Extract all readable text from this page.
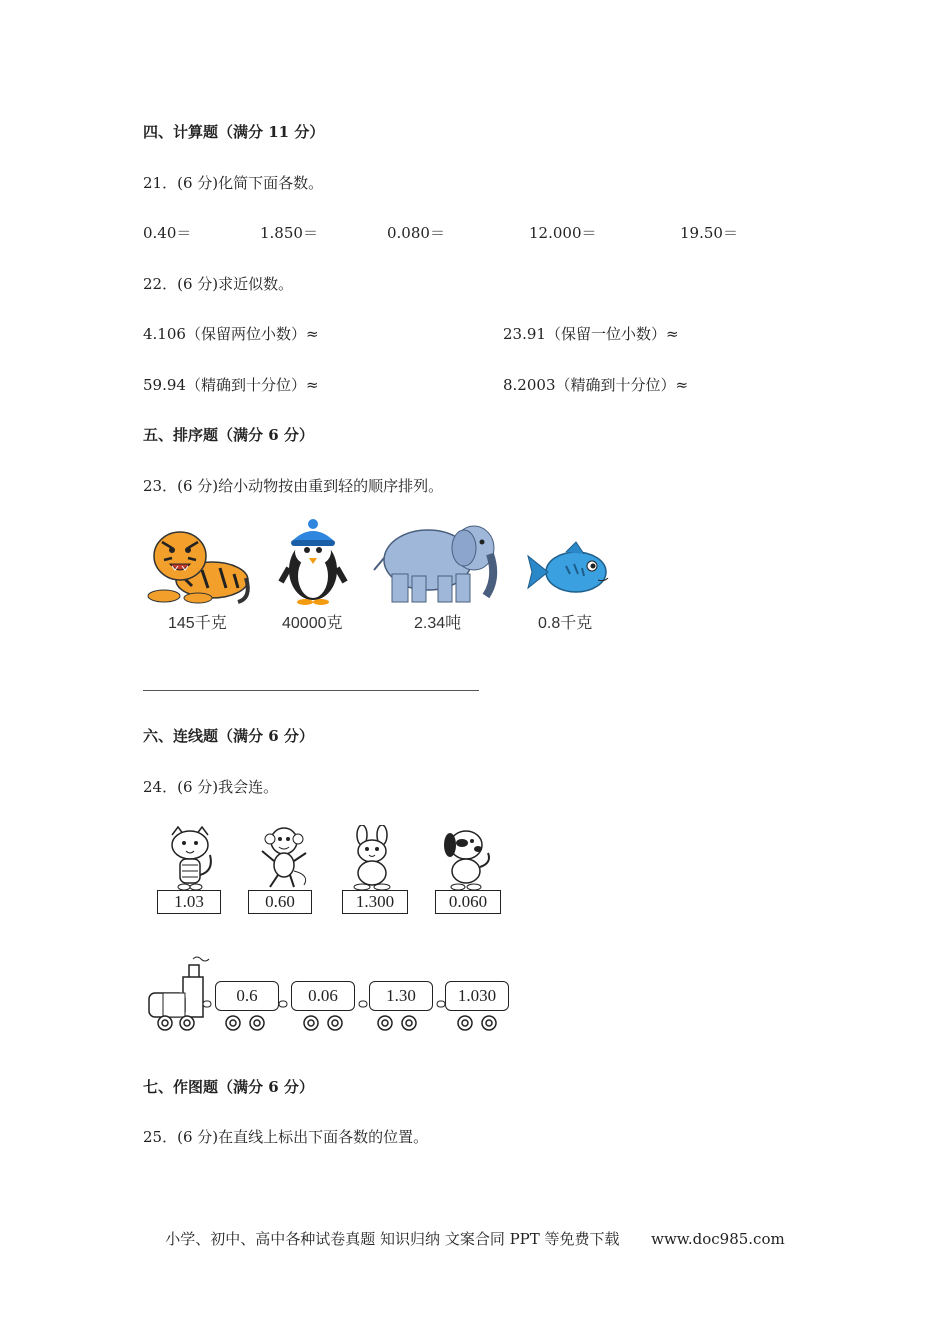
四、计算题（满分 11 分）
21．(6 分)化简下面各数。
0.40＝	1.850＝	0.080＝	12.000＝	19.50＝
22．(6 分)求近似数。
4.106（保留两位小数）≈	23.91（保留一位小数）≈
59.94（精确到十分位）≈	8.2003（精确到十分位）≈
五、排序题（满分 6 分）
23．(6 分)给小动物按由重到轻的顺序排列。
145千克	40000克	2.34吨	0.8千克
六、连线题（满分 6 分）
24．(6 分)我会连。
1.03	0.60	1.300	0.060
0.6	0.06	1.30	1.030
七、作图题（满分 6 分）
25．(6 分)在直线上标出下面各数的位置。
小学、初中、高中各种试卷真题 知识归纳 文案合同 PPT 等免费下载 www.doc985.com
